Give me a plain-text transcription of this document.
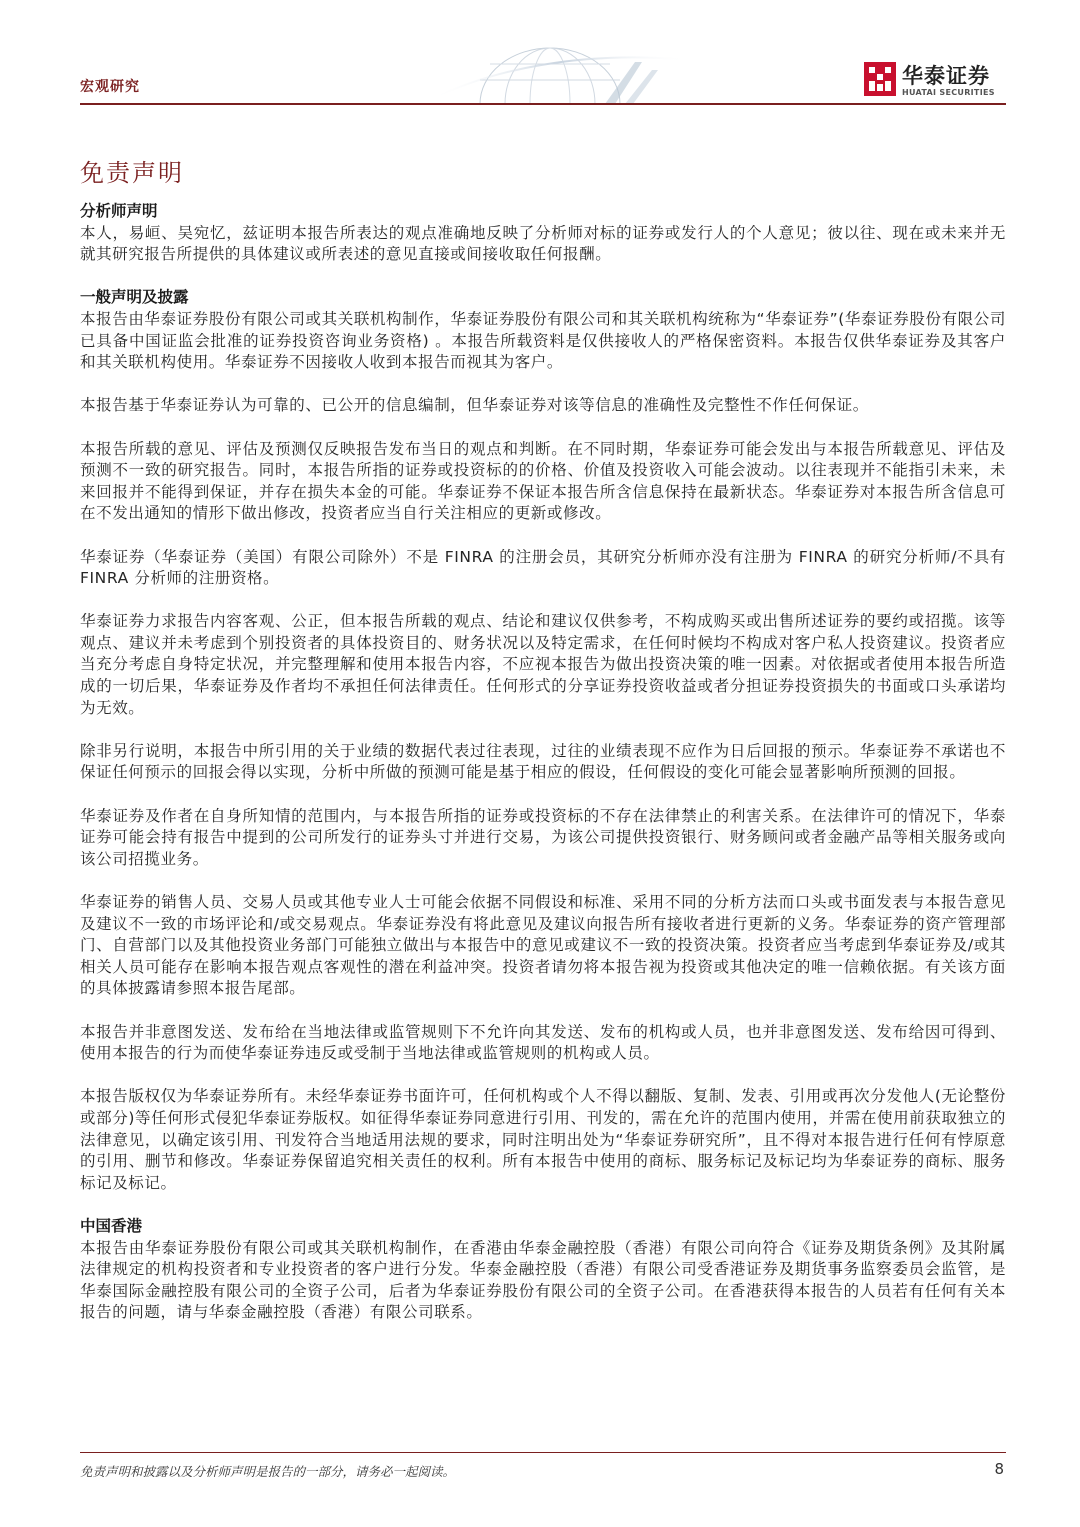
宏观研究	华泰证券
HUATAI SECURITIES
免责声明

分析师声明

本人，易峘、吴宛忆，兹证明本报告所表达的观点准确地反映了分析师对标的证券或发行人的个人意见；彼以往、现在或未来并无就其研究报告所提供的具体建议或所表述的意见直接或间接收取任何报酬。

一般声明及披露

本报告由华泰证券股份有限公司或其关联机构制作，华泰证券股份有限公司和其关联机构统称为“华泰证券”(华泰证券股份有限公司已具备中国证监会批准的证券投资咨询业务资格) 。本报告所载资料是仅供接收人的严格保密资料。本报告仅供华泰证券及其客户和其关联机构使用。华泰证券不因接收人收到本报告而视其为客户。

本报告基于华泰证券认为可靠的、已公开的信息编制，但华泰证券对该等信息的准确性及完整性不作任何保证。

本报告所载的意见、评估及预测仅反映报告发布当日的观点和判断。在不同时期，华泰证券可能会发出与本报告所载意见、评估及预测不一致的研究报告。同时，本报告所指的证券或投资标的的价格、价值及投资收入可能会波动。以往表现并不能指引未来，未来回报并不能得到保证，并存在损失本金的可能。华泰证券不保证本报告所含信息保持在最新状态。华泰证券对本报告所含信息可在不发出通知的情形下做出修改，投资者应当自行关注相应的更新或修改。

华泰证券（华泰证券（美国）有限公司除外）不是 FINRA 的注册会员，其研究分析师亦没有注册为 FINRA 的研究分析师/不具有 FINRA 分析师的注册资格。

华泰证券力求报告内容客观、公正，但本报告所载的观点、结论和建议仅供参考，不构成购买或出售所述证券的要约或招揽。该等观点、建议并未考虑到个别投资者的具体投资目的、财务状况以及特定需求，在任何时候均不构成对客户私人投资建议。投资者应当充分考虑自身特定状况，并完整理解和使用本报告内容，不应视本报告为做出投资决策的唯一因素。对依据或者使用本报告所造成的一切后果，华泰证券及作者均不承担任何法律责任。任何形式的分享证券投资收益或者分担证券投资损失的书面或口头承诺均为无效。

除非另行说明，本报告中所引用的关于业绩的数据代表过往表现，过往的业绩表现不应作为日后回报的预示。华泰证券不承诺也不保证任何预示的回报会得以实现，分析中所做的预测可能是基于相应的假设，任何假设的变化可能会显著影响所预测的回报。

华泰证券及作者在自身所知情的范围内，与本报告所指的证券或投资标的不存在法律禁止的利害关系。在法律许可的情况下，华泰证券可能会持有报告中提到的公司所发行的证券头寸并进行交易，为该公司提供投资银行、财务顾问或者金融产品等相关服务或向该公司招揽业务。

华泰证券的销售人员、交易人员或其他专业人士可能会依据不同假设和标准、采用不同的分析方法而口头或书面发表与本报告意见及建议不一致的市场评论和/或交易观点。华泰证券没有将此意见及建议向报告所有接收者进行更新的义务。华泰证券的资产管理部门、自营部门以及其他投资业务部门可能独立做出与本报告中的意见或建议不一致的投资决策。投资者应当考虑到华泰证券及/或其相关人员可能存在影响本报告观点客观性的潜在利益冲突。投资者请勿将本报告视为投资或其他决定的唯一信赖依据。有关该方面的具体披露请参照本报告尾部。

本报告并非意图发送、发布给在当地法律或监管规则下不允许向其发送、发布的机构或人员，也并非意图发送、发布给因可得到、使用本报告的行为而使华泰证券违反或受制于当地法律或监管规则的机构或人员。

本报告版权仅为华泰证券所有。未经华泰证券书面许可，任何机构或个人不得以翻版、复制、发表、引用或再次分发他人(无论整份或部分)等任何形式侵犯华泰证券版权。如征得华泰证券同意进行引用、刊发的，需在允许的范围内使用，并需在使用前获取独立的法律意见，以确定该引用、刊发符合当地适用法规的要求，同时注明出处为“华泰证券研究所”，且不得对本报告进行任何有悖原意的引用、删节和修改。华泰证券保留追究相关责任的权利。所有本报告中使用的商标、服务标记及标记均为华泰证券的商标、服务标记及标记。

中国香港

本报告由华泰证券股份有限公司或其关联机构制作，在香港由华泰金融控股（香港）有限公司向符合《证券及期货条例》及其附属法律规定的机构投资者和专业投资者的客户进行分发。华泰金融控股（香港）有限公司受香港证券及期货事务监察委员会监管，是华泰国际金融控股有限公司的全资子公司，后者为华泰证券股份有限公司的全资子公司。在香港获得本报告的人员若有任何有关本报告的问题，请与华泰金融控股（香港）有限公司联系。

免责声明和披露以及分析师声明是报告的一部分，请务必一起阅读。	8
